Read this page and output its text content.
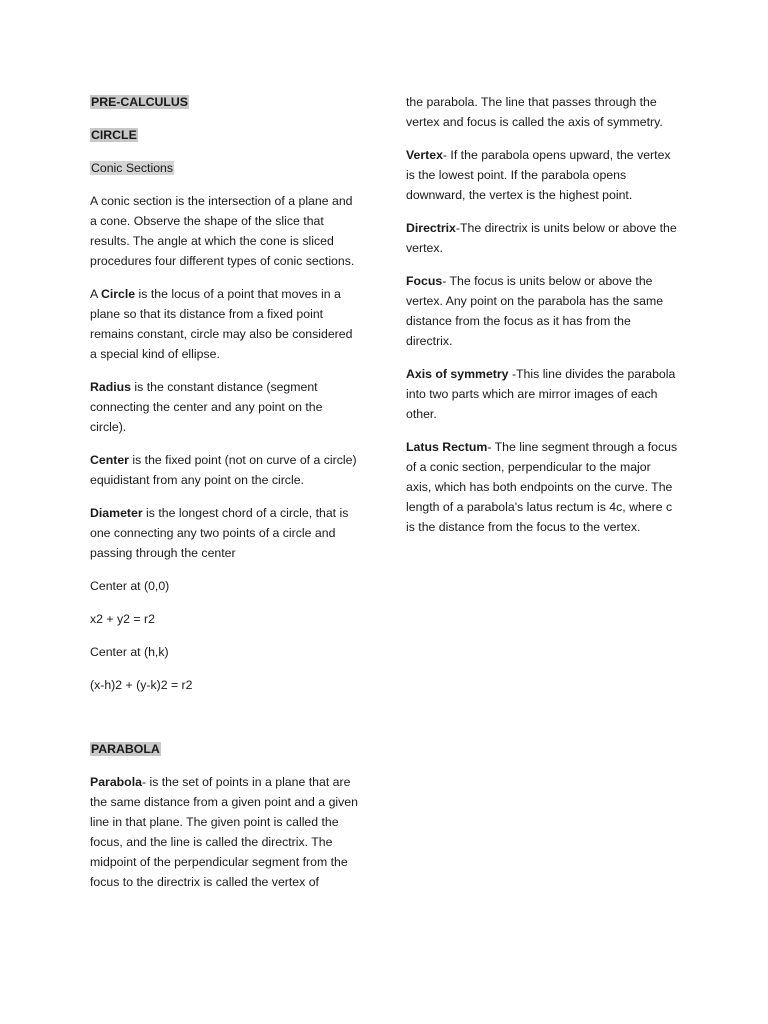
PRE-CALCULUS

CIRCLE

Conic Sections

A conic section is the intersection of a plane and a cone. Observe the shape of the slice that results. The angle at which the cone is sliced procedures four different types of conic sections.

A Circle is the locus of a point that moves in a plane so that its distance from a fixed point remains constant, circle may also be considered a special kind of ellipse.

Radius is the constant distance (segment connecting the center and any point on the circle).

Center is the fixed point (not on curve of a circle) equidistant from any point on the circle.

Diameter is the longest chord of a circle, that is one connecting any two points of a circle and passing through the center

Center at (0,0)

x2 + y2 = r2

Center at (h,k)

(x-h)2 + (y-k)2 = r2

PARABOLA

Parabola- is the set of points in a plane that are the same distance from a given point and a given line in that plane. The given point is called the focus, and the line is called the directrix. The midpoint of the perpendicular segment from the focus to the directrix is called the vertex of

the parabola. The line that passes through the vertex and focus is called the axis of symmetry.

Vertex- If the parabola opens upward, the vertex is the lowest point. If the parabola opens downward, the vertex is the highest point.

Directrix-The directrix is units below or above the vertex.

Focus- The focus is units below or above the vertex. Any point on the parabola has the same distance from the focus as it has from the directrix.

Axis of symmetry -This line divides the parabola into two parts which are mirror images of each other.

Latus Rectum- The line segment through a focus of a conic section, perpendicular to the major axis, which has both endpoints on the curve. The length of a parabola's latus rectum is 4c, where c is the distance from the focus to the vertex.
